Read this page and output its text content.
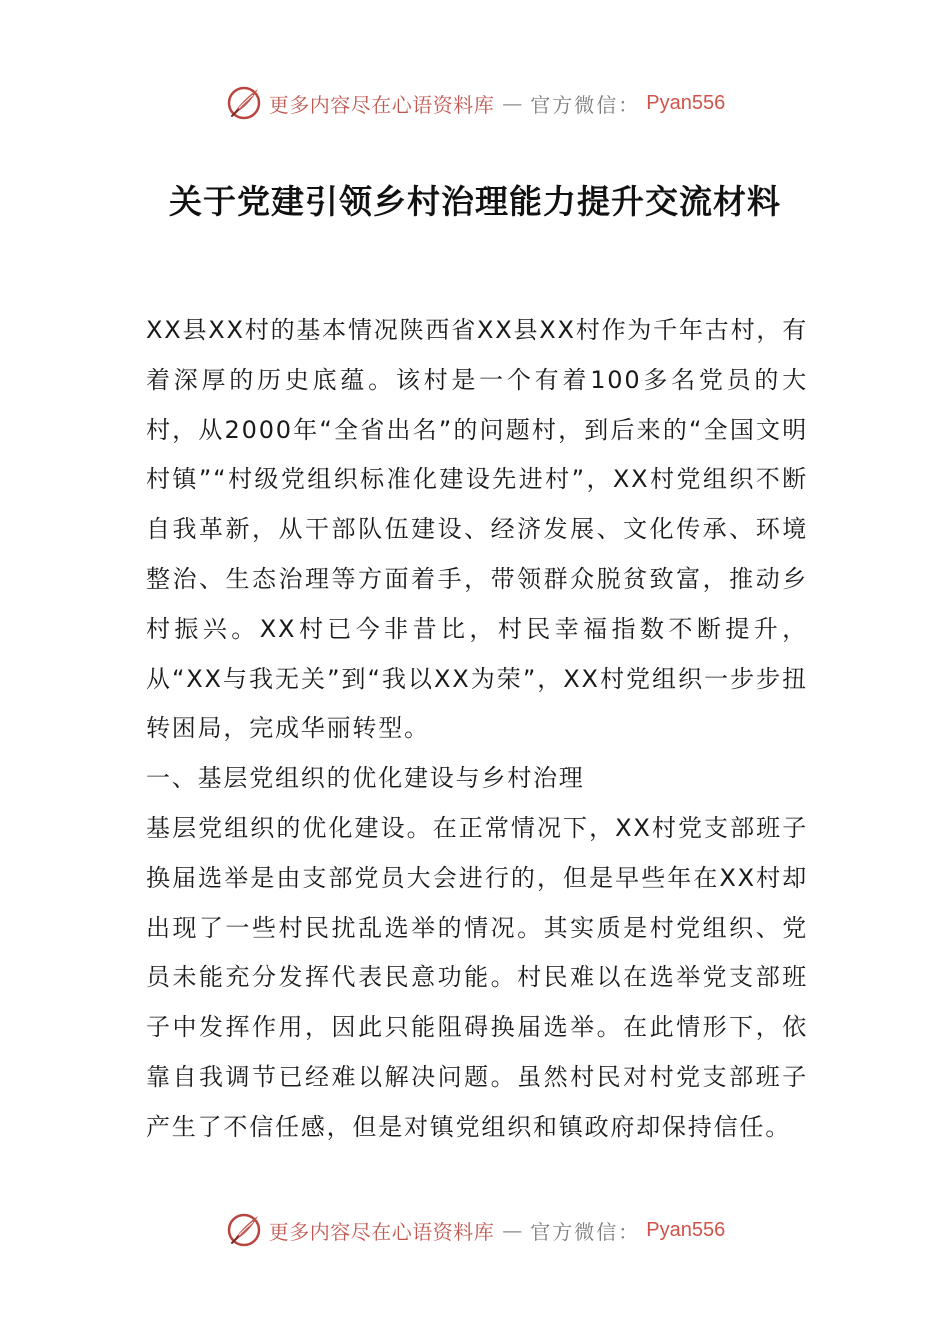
更多内容尽在心语资料库 — 官方微信： Pyan556
关于党建引领乡村治理能力提升交流材料

XX县XX村的基本情况陕西省XX县XX村作为千年古村，有着深厚的历史底蕴。该村是一个有着100多名党员的大村，从2000年“全省出名”的问题村，到后来的“全国文明村镇”“村级党组织标准化建设先进村”，XX村党组织不断自我革新，从干部队伍建设、经济发展、文化传承、环境整治、生态治理等方面着手，带领群众脱贫致富，推动乡村振兴。XX村已今非昔比，村民幸福指数不断提升，从“XX与我无关”到“我以XX为荣”，XX村党组织一步步扭转困局，完成华丽转型。

一、基层党组织的优化建设与乡村治理

基层党组织的优化建设。在正常情况下，XX村党支部班子换届选举是由支部党员大会进行的，但是早些年在XX村却出现了一些村民扰乱选举的情况。其实质是村党组织、党员未能充分发挥代表民意功能。村民难以在选举党支部班子中发挥作用，因此只能阻碍换届选举。在此情形下，依靠自我调节已经难以解决问题。虽然村民对村党支部班子产生了不信任感，但是对镇党组织和镇政府却保持信任。

更多内容尽在心语资料库 — 官方微信： Pyan556
